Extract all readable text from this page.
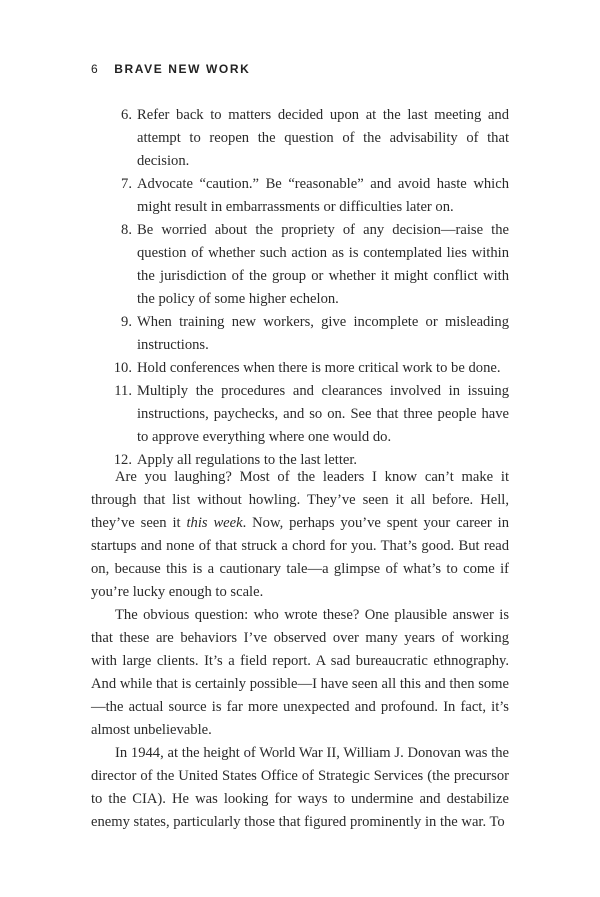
6 BRAVE NEW WORK
6. Refer back to matters decided upon at the last meeting and attempt to reopen the question of the advisability of that decision.
7. Advocate “caution.” Be “reasonable” and avoid haste which might result in embarrassments or difficulties later on.
8. Be worried about the propriety of any decision—raise the question of whether such action as is contemplated lies within the jurisdiction of the group or whether it might conflict with the policy of some higher echelon.
9. When training new workers, give incomplete or misleading instructions.
10. Hold conferences when there is more critical work to be done.
11. Multiply the procedures and clearances involved in issuing instructions, paychecks, and so on. See that three people have to approve everything where one would do.
12. Apply all regulations to the last letter.

Are you laughing? Most of the leaders I know can’t make it through that list without howling. They’ve seen it all before. Hell, they’ve seen it this week. Now, perhaps you’ve spent your career in startups and none of that struck a chord for you. That’s good. But read on, because this is a cautionary tale—a glimpse of what’s to come if you’re lucky enough to scale.

The obvious question: who wrote these? One plausible answer is that these are behaviors I’ve observed over many years of working with large clients. It’s a field report. A sad bureaucratic ethnography. And while that is certainly possible—I have seen all this and then some—the actual source is far more unexpected and profound. In fact, it’s almost unbelievable.

In 1944, at the height of World War II, William J. Donovan was the director of the United States Office of Strategic Services (the precursor to the CIA). He was looking for ways to undermine and destabilize enemy states, particularly those that figured prominently in the war. To
